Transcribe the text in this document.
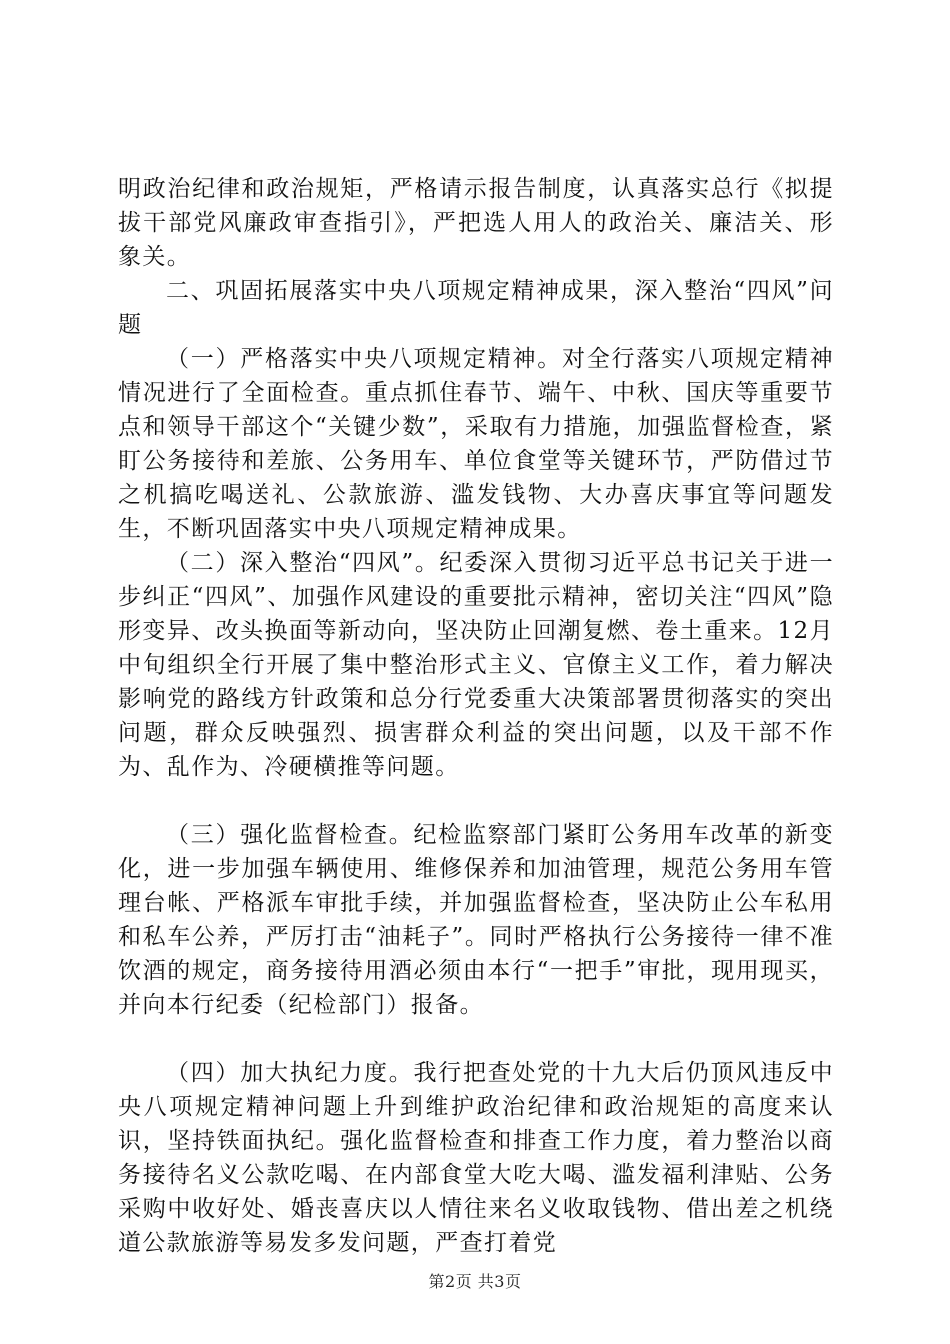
明政治纪律和政治规矩，严格请示报告制度，认真落实总行《拟提拔干部党风廉政审查指引》，严把选人用人的政治关、廉洁关、形象关。

二、巩固拓展落实中央八项规定精神成果，深入整治“四风”问题

（一）严格落实中央八项规定精神。对全行落实八项规定精神情况进行了全面检查。重点抓住春节、端午、中秋、国庆等重要节点和领导干部这个“关键少数”，采取有力措施，加强监督检查，紧盯公务接待和差旅、公务用车、单位食堂等关键环节，严防借过节之机搞吃喝送礼、公款旅游、滥发钱物、大办喜庆事宜等问题发生，不断巩固落实中央八项规定精神成果。

（二）深入整治“四风”。纪委深入贯彻习近平总书记关于进一步纠正“四风”、加强作风建设的重要批示精神，密切关注“四风”隐形变异、改头换面等新动向，坚决防止回潮复燃、卷土重来。12月中旬组织全行开展了集中整治形式主义、官僚主义工作，着力解决影响党的路线方针政策和总分行党委重大决策部署贯彻落实的突出问题，群众反映强烈、损害群众利益的突出问题，以及干部不作为、乱作为、冷硬横推等问题。

（三）强化监督检查。纪检监察部门紧盯公务用车改革的新变化，进一步加强车辆使用、维修保养和加油管理，规范公务用车管理台帐、严格派车审批手续，并加强监督检查，坚决防止公车私用和私车公养，严厉打击“油耗子”。同时严格执行公务接待一律不准饮酒的规定，商务接待用酒必须由本行“一把手”审批，现用现买，并向本行纪委（纪检部门）报备。

（四）加大执纪力度。我行把查处党的十九大后仍顶风违反中央八项规定精神问题上升到维护政治纪律和政治规矩的高度来认识，坚持铁面执纪。强化监督检查和排查工作力度，着力整治以商务接待名义公款吃喝、在内部食堂大吃大喝、滥发福利津贴、公务采购中收好处、婚丧喜庆以人情往来名义收取钱物、借出差之机绕道公款旅游等易发多发问题，严查打着党

第2页 共3页
